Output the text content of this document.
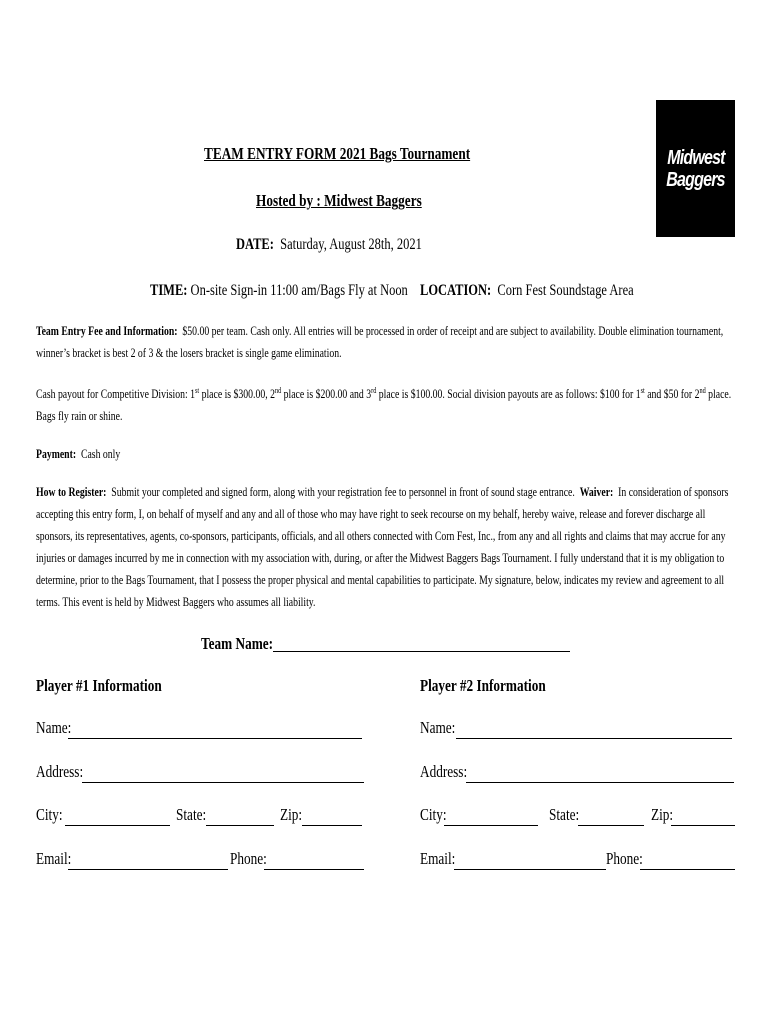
Midwest
Baggers
TEAM ENTRY FORM 2021 Bags Tournament
Hosted by : Midwest Baggers
DATE: Saturday, August 28th, 2021
TIME: On-site Sign-in 11:00 am/Bags Fly at Noon LOCATION: Corn Fest Soundstage Area
Team Entry Fee and Information: $50.00 per team. Cash only. All entries will be processed in order of receipt and are subject to availability. Double elimination tournament,
winner’s bracket is best 2 of 3 & the losers bracket is single game elimination.
Cash payout for Competitive Division: 1st place is $300.00, 2nd place is $200.00 and 3rd place is $100.00. Social division payouts are as follows: $100 for 1st and $50 for 2nd place.
Bags fly rain or shine.
Payment: Cash only
How to Register: Submit your completed and signed form, along with your registration fee to personnel in front of sound stage entrance. Waiver: In consideration of sponsors
accepting this entry form, I, on behalf of myself and any and all of those who may have right to seek recourse on my behalf, hereby waive, release and forever discharge all
sponsors, its representatives, agents, co-sponsors, participants, officials, and all others connected with Corn Fest, Inc., from any and all rights and claims that may accrue for any
injuries or damages incurred by me in connection with my association with, during, or after the Midwest Baggers Bags Tournament. I fully understand that it is my obligation to
determine, prior to the Bags Tournament, that I possess the proper physical and mental capabilities to participate. My signature, below, indicates my review and agreement to all
terms. This event is held by Midwest Baggers who assumes all liability.
Team Name:
Player #1 Information
Name:
Address:
City:	State:	Zip:
Email:	Phone:
Player #2 Information
Name:
Address:
City:	State:	Zip:
Email:	Phone:
